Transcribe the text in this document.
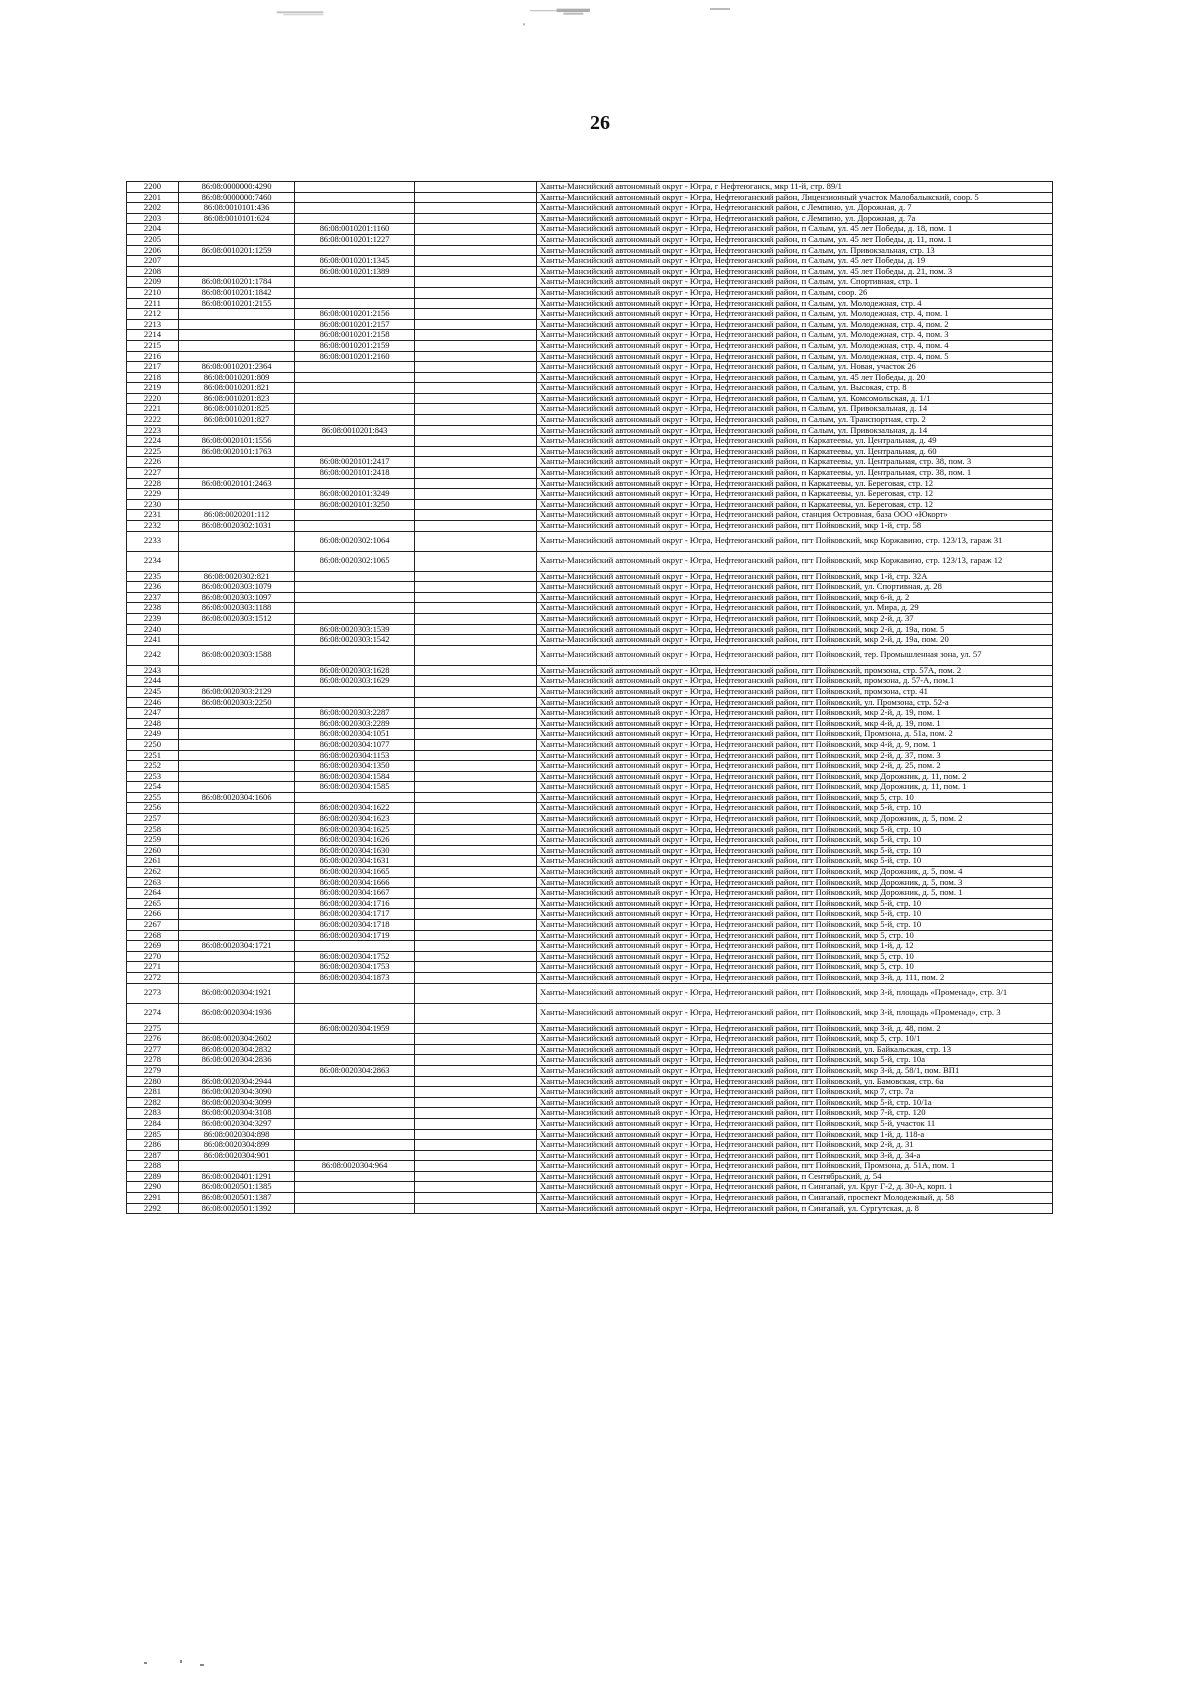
26
2200	86:08:0000000:4290			Ханты-Мансийский автономный округ - Югра, г Нефтеюганск, мкр 11-й, стр. 89/1
2201	86:08:0000000:7460			Ханты-Мансийский автономный округ - Югра, Нефтеюганский район, Лицензионный участок Малобалыкский, соор. 5
2202	86:08:0010101:436			Ханты-Мансийский автономный округ - Югра, Нефтеюганский район, с Лемпино, ул. Дорожная, д. 7
2203	86:08:0010101:624			Ханты-Мансийский автономный округ - Югра, Нефтеюганский район, с Лемпино, ул. Дорожная, д. 7а
2204		86:08:0010201:1160		Ханты-Мансийский автономный округ - Югра, Нефтеюганский район, п Салым, ул. 45 лет Победы, д. 18, пом. 1
2205		86:08:0010201:1227		Ханты-Мансийский автономный округ - Югра, Нефтеюганский район, п Салым, ул. 45 лет Победы, д. 11, пом. 1
2206	86:08:0010201:1259			Ханты-Мансийский автономный округ - Югра, Нефтеюганский район, п Салым, ул. Привокзальная, стр. 13
2207		86:08:0010201:1345		Ханты-Мансийский автономный округ - Югра, Нефтеюганский район, п Салым, ул. 45 лет Победы, д. 19
2208		86:08:0010201:1389		Ханты-Мансийский автономный округ - Югра, Нефтеюганский район, п Салым, ул. 45 лет Победы, д. 21, пом. 3
2209	86:08:0010201:1784			Ханты-Мансийский автономный округ - Югра, Нефтеюганский район, п Салым, ул. Спортивная, стр. 1
2210	86:08:0010201:1842			Ханты-Мансийский автономный округ - Югра, Нефтеюганский район, п Салым, соор. 26
2211	86:08:0010201:2155			Ханты-Мансийский автономный округ - Югра, Нефтеюганский район, п Салым, ул. Молодежная, стр. 4
2212		86:08:0010201:2156		Ханты-Мансийский автономный округ - Югра, Нефтеюганский район, п Салым, ул. Молодежная, стр. 4, пом. 1
2213		86:08:0010201:2157		Ханты-Мансийский автономный округ - Югра, Нефтеюганский район, п Салым, ул. Молодежная, стр. 4, пом. 2
2214		86:08:0010201:2158		Ханты-Мансийский автономный округ - Югра, Нефтеюганский район, п Салым, ул. Молодежная, стр. 4, пом. 3
2215		86:08:0010201:2159		Ханты-Мансийский автономный округ - Югра, Нефтеюганский район, п Салым, ул. Молодежная, стр. 4, пом. 4
2216		86:08:0010201:2160		Ханты-Мансийский автономный округ - Югра, Нефтеюганский район, п Салым, ул. Молодежная, стр. 4, пом. 5
2217	86:08:0010201:2364			Ханты-Мансийский автономный округ - Югра, Нефтеюганский район, п Салым, ул. Новая, участок 26
2218	86:08:0010201:809			Ханты-Мансийский автономный округ - Югра, Нефтеюганский район, п Салым, ул. 45 лет Победы, д. 20
2219	86:08:0010201:821			Ханты-Мансийский автономный округ - Югра, Нефтеюганский район, п Салым, ул. Высокая, стр. 8
2220	86:08:0010201:823			Ханты-Мансийский автономный округ - Югра, Нефтеюганский район, п Салым, ул. Комсомольская, д. 1/1
2221	86:08:0010201:825			Ханты-Мансийский автономный округ - Югра, Нефтеюганский район, п Салым, ул. Привокзальная, д. 14
2222	86:08:0010201:827			Ханты-Мансийский автономный округ - Югра, Нефтеюганский район, п Салым, ул. Транспортная, стр. 2
2223		86:08:0010201:843		Ханты-Мансийский автономный округ - Югра, Нефтеюганский район, п Салым, ул. Привокзальная, д. 14
2224	86:08:0020101:1556			Ханты-Мансийский автономный округ - Югра, Нефтеюганский район, п Каркатеевы, ул. Центральная, д. 49
2225	86:08:0020101:1763			Ханты-Мансийский автономный округ - Югра, Нефтеюганский район, п Каркатеевы, ул. Центральная, д. 60
2226		86:08:0020101:2417		Ханты-Мансийский автономный округ - Югра, Нефтеюганский район, п Каркатеевы, ул. Центральная, стр. 38, пом. 3
2227		86:08:0020101:2418		Ханты-Мансийский автономный округ - Югра, Нефтеюганский район, п Каркатеевы, ул. Центральная, стр. 38, пом. 1
2228	86:08:0020101:2463			Ханты-Мансийский автономный округ - Югра, Нефтеюганский район, п Каркатеевы, ул. Береговая, стр. 12
2229		86:08:0020101:3249		Ханты-Мансийский автономный округ - Югра, Нефтеюганский район, п Каркатеевы, ул. Береговая, стр. 12
2230		86:08:0020101:3250		Ханты-Мансийский автономный округ - Югра, Нефтеюганский район, п Каркатеевы, ул. Береговая, стр. 12
2231	86:08:0020201:112			Ханты-Мансийский автономный округ - Югра, Нефтеюганский район, станция Островная, база ООО «Юкорт»
2232	86:08:0020302:1031			Ханты-Мансийский автономный округ - Югра, Нефтеюганский район, пгт Пойковский, мкр 1-й, стр. 58
2233		86:08:0020302:1064		Ханты-Мансийский автономный округ - Югра, Нефтеюганский район, пгт Пойковский, мкр Коржавино, стр. 123/13, гараж 31
2234		86:08:0020302:1065		Ханты-Мансийский автономный округ - Югра, Нефтеюганский район, пгт Пойковский, мкр Коржавино, стр. 123/13, гараж 12
2235	86:08:0020302:821			Ханты-Мансийский автономный округ - Югра, Нефтеюганский район, пгт Пойковский, мкр 1-й, стр. 32А
2236	86:08:0020303:1079			Ханты-Мансийский автономный округ - Югра, Нефтеюганский район, пгт Пойковский, ул. Спортивная, д. 28
2237	86:08:0020303:1097			Ханты-Мансийский автономный округ - Югра, Нефтеюганский район, пгт Пойковский, мкр 6-й, д. 2
2238	86:08:0020303:1188			Ханты-Мансийский автономный округ - Югра, Нефтеюганский район, пгт Пойковский, ул. Мира, д. 29
2239	86:08:0020303:1512			Ханты-Мансийский автономный округ - Югра, Нефтеюганский район, пгт Пойковский, мкр 2-й, д. 37
2240		86:08:0020303:1539		Ханты-Мансийский автономный округ - Югра, Нефтеюганский район, пгт Пойковский, мкр 2-й, д. 19а, пом. 5
2241		86:08:0020303:1542		Ханты-Мансийский автономный округ - Югра, Нефтеюганский район, пгт Пойковский, мкр 2-й, д. 19а, пом. 20
2242	86:08:0020303:1588			Ханты-Мансийский автономный округ - Югра, Нефтеюганский район, пгт Пойковский, тер. Промышленная зона, ул. 57
2243		86:08:0020303:1628		Ханты-Мансийский автономный округ - Югра, Нефтеюганский район, пгт Пойковский, промзона, стр. 57А, пом. 2
2244		86:08:0020303:1629		Ханты-Мансийский автономный округ - Югра, Нефтеюганский район, пгт Пойковский, промзона, д. 57-А, пом.1
2245	86:08:0020303:2129			Ханты-Мансийский автономный округ - Югра, Нефтеюганский район, пгт Пойковский, промзона, стр. 41
2246	86:08:0020303:2250			Ханты-Мансийский автономный округ - Югра, Нефтеюганский район, пгт Пойковский, ул. Промзона, стр. 52-а
2247		86:08:0020303:2287		Ханты-Мансийский автономный округ - Югра, Нефтеюганский район, пгт Пойковский, мкр 2-й, д. 19, пом. 1
2248		86:08:0020303:2289		Ханты-Мансийский автономный округ - Югра, Нефтеюганский район, пгт Пойковский, мкр 4-й, д. 19, пом. 1
2249		86:08:0020304:1051		Ханты-Мансийский автономный округ - Югра, Нефтеюганский район, пгт Пойковский, Промзона, д. 51а, пом. 2
2250		86:08:0020304:1077		Ханты-Мансийский автономный округ - Югра, Нефтеюганский район, пгт Пойковский, мкр 4-й, д. 9, пом. 1
2251		86:08:0020304:1153		Ханты-Мансийский автономный округ - Югра, Нефтеюганский район, пгт Пойковский, мкр 2-й, д. 37, пом. 3
2252		86:08:0020304:1350		Ханты-Мансийский автономный округ - Югра, Нефтеюганский район, пгт Пойковский, мкр 2-й, д. 25, пом. 2
2253		86:08:0020304:1584		Ханты-Мансийский автономный округ - Югра, Нефтеюганский район, пгт Пойковский, мкр Дорожник, д. 11, пом. 2
2254		86:08:0020304:1585		Ханты-Мансийский автономный округ - Югра, Нефтеюганский район, пгт Пойковский, мкр Дорожник, д. 11, пом. 1
2255	86:08:0020304:1606			Ханты-Мансийский автономный округ - Югра, Нефтеюганский район, пгт Пойковский, мкр 5, стр. 10
2256		86:08:0020304:1622		Ханты-Мансийский автономный округ - Югра, Нефтеюганский район, пгт Пойковский, мкр 5-й, стр. 10
2257		86:08:0020304:1623		Ханты-Мансийский автономный округ - Югра, Нефтеюганский район, пгт Пойковский, мкр Дорожник, д. 5, пом. 2
2258		86:08:0020304:1625		Ханты-Мансийский автономный округ - Югра, Нефтеюганский район, пгт Пойковский, мкр 5-й, стр. 10
2259		86:08:0020304:1626		Ханты-Мансийский автономный округ - Югра, Нефтеюганский район, пгт Пойковский, мкр 5-й, стр. 10
2260		86:08:0020304:1630		Ханты-Мансийский автономный округ - Югра, Нефтеюганский район, пгт Пойковский, мкр 5-й, стр. 10
2261		86:08:0020304:1631		Ханты-Мансийский автономный округ - Югра, Нефтеюганский район, пгт Пойковский, мкр 5-й, стр. 10
2262		86:08:0020304:1665		Ханты-Мансийский автономный округ - Югра, Нефтеюганский район, пгт Пойковский, мкр Дорожник, д. 5, пом. 4
2263		86:08:0020304:1666		Ханты-Мансийский автономный округ - Югра, Нефтеюганский район, пгт Пойковский, мкр Дорожник, д. 5, пом. 3
2264		86:08:0020304:1667		Ханты-Мансийский автономный округ - Югра, Нефтеюганский район, пгт Пойковский, мкр Дорожник, д. 5, пом. 1
2265		86:08:0020304:1716		Ханты-Мансийский автономный округ - Югра, Нефтеюганский район, пгт Пойковский, мкр 5-й, стр. 10
2266		86:08:0020304:1717		Ханты-Мансийский автономный округ - Югра, Нефтеюганский район, пгт Пойковский, мкр 5-й, стр. 10
2267		86:08:0020304:1718		Ханты-Мансийский автономный округ - Югра, Нефтеюганский район, пгт Пойковский, мкр 5-й, стр. 10
2268		86:08:0020304:1719		Ханты-Мансийский автономный округ - Югра, Нефтеюганский район, пгт Пойковский, мкр 5, стр. 10
2269	86:08:0020304:1721			Ханты-Мансийский автономный округ - Югра, Нефтеюганский район, пгт Пойковский, мкр 1-й, д. 12
2270		86:08:0020304:1752		Ханты-Мансийский автономный округ - Югра, Нефтеюганский район, пгт Пойковский, мкр 5, стр. 10
2271		86:08:0020304:1753		Ханты-Мансийский автономный округ - Югра, Нефтеюганский район, пгт Пойковский, мкр 5, стр. 10
2272		86:08:0020304:1873		Ханты-Мансийский автономный округ - Югра, Нефтеюганский район, пгт Пойковский, мкр 3-й, д. 111, пом. 2
2273	86:08:0020304:1921			Ханты-Мансийский автономный округ - Югра, Нефтеюганский район, пгт Пойковский, мкр 3-й, площадь «Променад», стр. 3/1
2274	86:08:0020304:1936			Ханты-Мансийский автономный округ - Югра, Нефтеюганский район, пгт Пойковский, мкр 3-й, площадь «Променад», стр. 3
2275		86:08:0020304:1959		Ханты-Мансийский автономный округ - Югра, Нефтеюганский район, пгт Пойковский, мкр 3-й, д. 48, пом. 2
2276	86:08:0020304:2602			Ханты-Мансийский автономный округ - Югра, Нефтеюганский район, пгт Пойковский, мкр 5, стр. 10/1
2277	86:08:0020304:2832			Ханты-Мансийский автономный округ - Югра, Нефтеюганский район, пгт Пойковский, ул. Байкальская, стр. 13
2278	86:08:0020304:2836			Ханты-Мансийский автономный округ - Югра, Нефтеюганский район, пгт Пойковский, мкр 5-й, стр. 10а
2279		86:08:0020304:2863		Ханты-Мансийский автономный округ - Югра, Нефтеюганский район, пгт Пойковский, мкр 3-й, д. 58/1, пом. ВП1
2280	86:08:0020304:2944			Ханты-Мансийский автономный округ - Югра, Нефтеюганский район, пгт Пойковский, ул. Бамовская, стр. 6а
2281	86:08:0020304:3090			Ханты-Мансийский автономный округ - Югра, Нефтеюганский район, пгт Пойковский, мкр 7, стр. 7а
2282	86:08:0020304:3099			Ханты-Мансийский автономный округ - Югра, Нефтеюганский район, пгт Пойковский, мкр 5-й, стр. 10/1а
2283	86:08:0020304:3108			Ханты-Мансийский автономный округ - Югра, Нефтеюганский район, пгт Пойковский, мкр 7-й, стр. 120
2284	86:08:0020304:3297			Ханты-Мансийский автономный округ - Югра, Нефтеюганский район, пгт Пойковский, мкр 5-й, участок 11
2285	86:08:0020304:898			Ханты-Мансийский автономный округ - Югра, Нефтеюганский район, пгт Пойковский, мкр 1-й, д. 118-а
2286	86:08:0020304:899			Ханты-Мансийский автономный округ - Югра, Нефтеюганский район, пгт Пойковский, мкр 2-й, д. 31
2287	86:08:0020304:901			Ханты-Мансийский автономный округ - Югра, Нефтеюганский район, пгт Пойковский, мкр 3-й, д. 34-а
2288		86:08:0020304:964		Ханты-Мансийский автономный округ - Югра, Нефтеюганский район, пгт Пойковский, Промзона, д. 51А, пом. 1
2289	86:08:0020401:1291			Ханты-Мансийский автономный округ - Югра, Нефтеюганский район, п Сентябрьский, д. 54
2290	86:08:0020501:1385			Ханты-Мансийский автономный округ - Югра, Нефтеюганский район, п Сингапай, ул. Круг Г-2, д. 30-А, корп. 1
2291	86:08:0020501:1387			Ханты-Мансийский автономный округ - Югра, Нефтеюганский район, п Сингапай, проспект Молодежный, д. 58
2292	86:08:0020501:1392			Ханты-Мансийский автономный округ - Югра, Нефтеюганский район, п Сингапай, ул. Сургутская, д. 8
